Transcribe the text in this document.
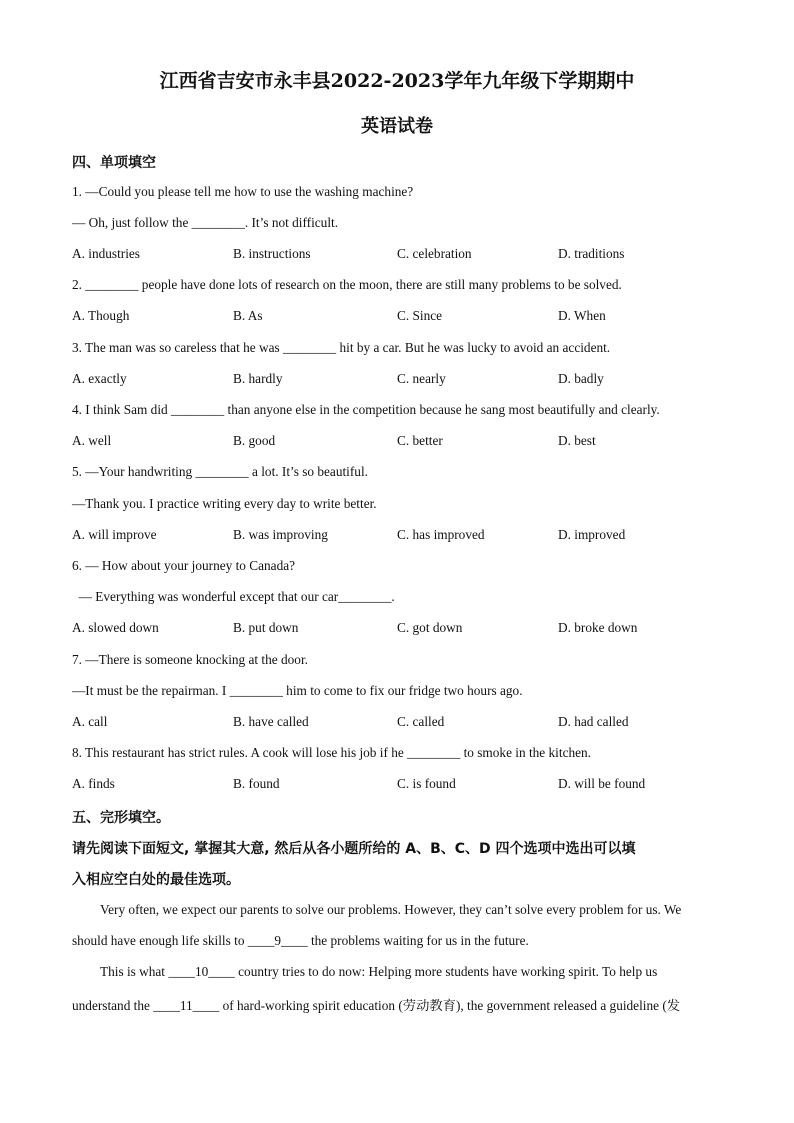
江西省吉安市永丰县2022-2023学年九年级下学期期中
英语试卷
四、单项填空
1. —Could you please tell me how to use the washing machine?
— Oh, just follow the ________. It’s not difficult.
A. industries	B. instructions	C. celebration	D. traditions
2. ________ people have done lots of research on the moon, there are still many problems to be solved.
A. Though	B. As	C. Since	D. When
3. The man was so careless that he was ________ hit by a car. But he was lucky to avoid an accident.
A. exactly	B. hardly	C. nearly	D. badly
4. I think Sam did ________ than anyone else in the competition because he sang most beautifully and clearly.
A. well	B. good	C. better	D. best
5. —Your handwriting ________ a lot. It’s so beautiful.
—Thank you. I practice writing every day to write better.
A. will improve	B. was improving	C. has improved	D. improved
6. — How about your journey to Canada?
— Everything was wonderful except that our car________.
A. slowed down	B. put down	C. got down	D. broke down
7. —There is someone knocking at the door.
—It must be the repairman. I ________ him to come to fix our fridge two hours ago.
A. call	B. have called	C. called	D. had called
8. This restaurant has strict rules. A cook will lose his job if he ________ to smoke in the kitchen.
A. finds	B. found	C. is found	D. will be found
五、完形填空。
请先阅读下面短文, 掌握其大意, 然后从各小题所给的 A、B、C、D 四个选项中选出可以填
入相应空白处的最佳选项。
Very often, we expect our parents to solve our problems. However, they can’t solve every problem for us. We
should have enough life skills to ____9____ the problems waiting for us in the future.
This is what ____10____ country tries to do now: Helping more students have working spirit. To help us
understand the ____11____ of hard-working spirit education (劳动教育), the government released a guideline (发
